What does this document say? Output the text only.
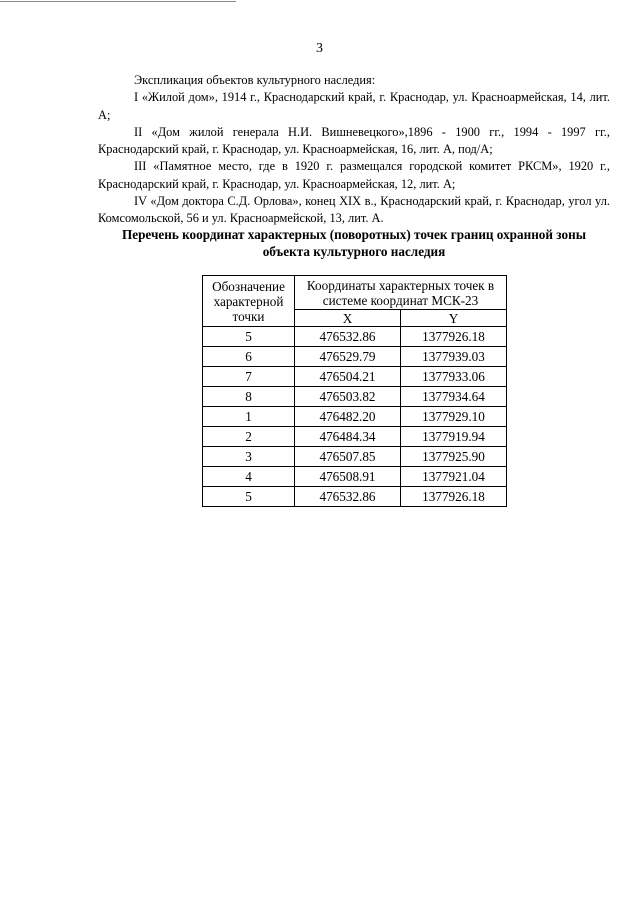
3

Экспликация объектов культурного наследия:

I «Жилой дом», 1914 г., Краснодарский край, г. Краснодар, ул. Красноармейская, 14, лит. А;

II «Дом жилой генерала Н.И. Вишневецкого»,1896 - 1900 гг., 1994 - 1997 гг., Краснодарский край, г. Краснодар, ул. Красноармейская, 16, лит. А, под/А;

III «Памятное место, где в 1920 г. размещался городской комитет РКСМ», 1920 г., Краснодарский край, г. Краснодар, ул. Красноармейская, 12, лит. А;

IV «Дом доктора С.Д. Орлова», конец XIX в., Краснодарский край, г. Краснодар, угол ул. Комсомольской, 56 и ул. Красноармейской, 13, лит. А.

Перечень координат характерных (поворотных) точек границ охранной зоны объекта культурного наследия
Обозначение характерной точки	Координаты характерных точек в системе координат МСК-23	
	X	Y
5	476532.86	1377926.18
6	476529.79	1377939.03
7	476504.21	1377933.06
8	476503.82	1377934.64
1	476482.20	1377929.10
2	476484.34	1377919.94
3	476507.85	1377925.90
4	476508.91	1377921.04
5	476532.86	1377926.18
